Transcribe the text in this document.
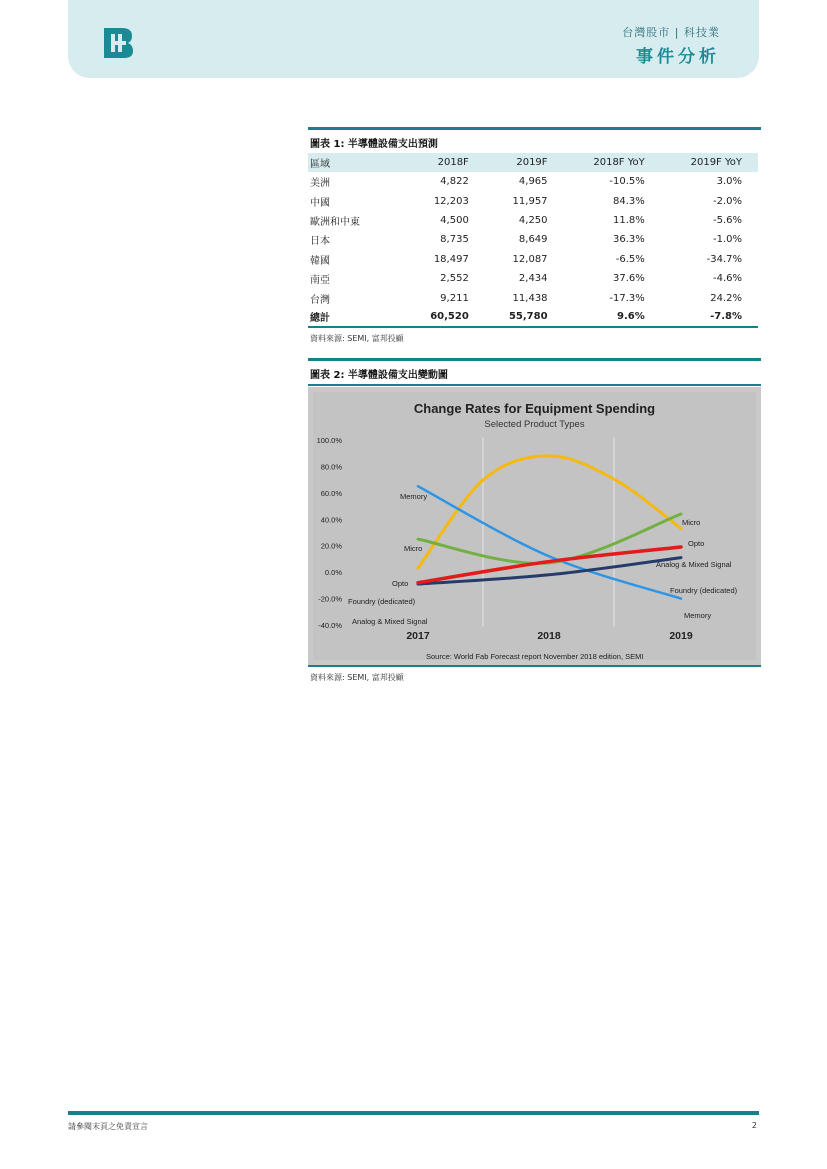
台灣股市 | 科技業
事件分析
圖表 1: 半導體設備支出預測
區域	2018F	2019F	2018F YoY	2019F YoY
美洲	4,822	4,965	-10.5%	3.0%
中國	12,203	11,957	84.3%	-2.0%
歐洲和中東	4,500	4,250	11.8%	-5.6%
日本	8,735	8,649	36.3%	-1.0%
韓國	18,497	12,087	-6.5%	-34.7%
南亞	2,552	2,434	37.6%	-4.6%
台灣	9,211	11,438	-17.3%	24.2%
總計	60,520	55,780	9.6%	-7.8%
資料來源: SEMI, 富邦投顧
圖表 2: 半導體設備支出變動圖
Change Rates for Equipment Spending
Selected Product Types
100.0%
80.0%
60.0%
40.0%
20.0%
0.0%
-20.0%
-40.0%
2017	2018	2019
Opto
Opto
Memory
Memory
Micro
Micro
Analog & Mixed Signal
Analog & Mixed Signal
Foundry (dedicated)
Foundry (dedicated)
Source: World Fab Forecast report November 2018 edition, SEMI
資料來源: SEMI, 富邦投顧
請參閱末頁之免責宣言	2
